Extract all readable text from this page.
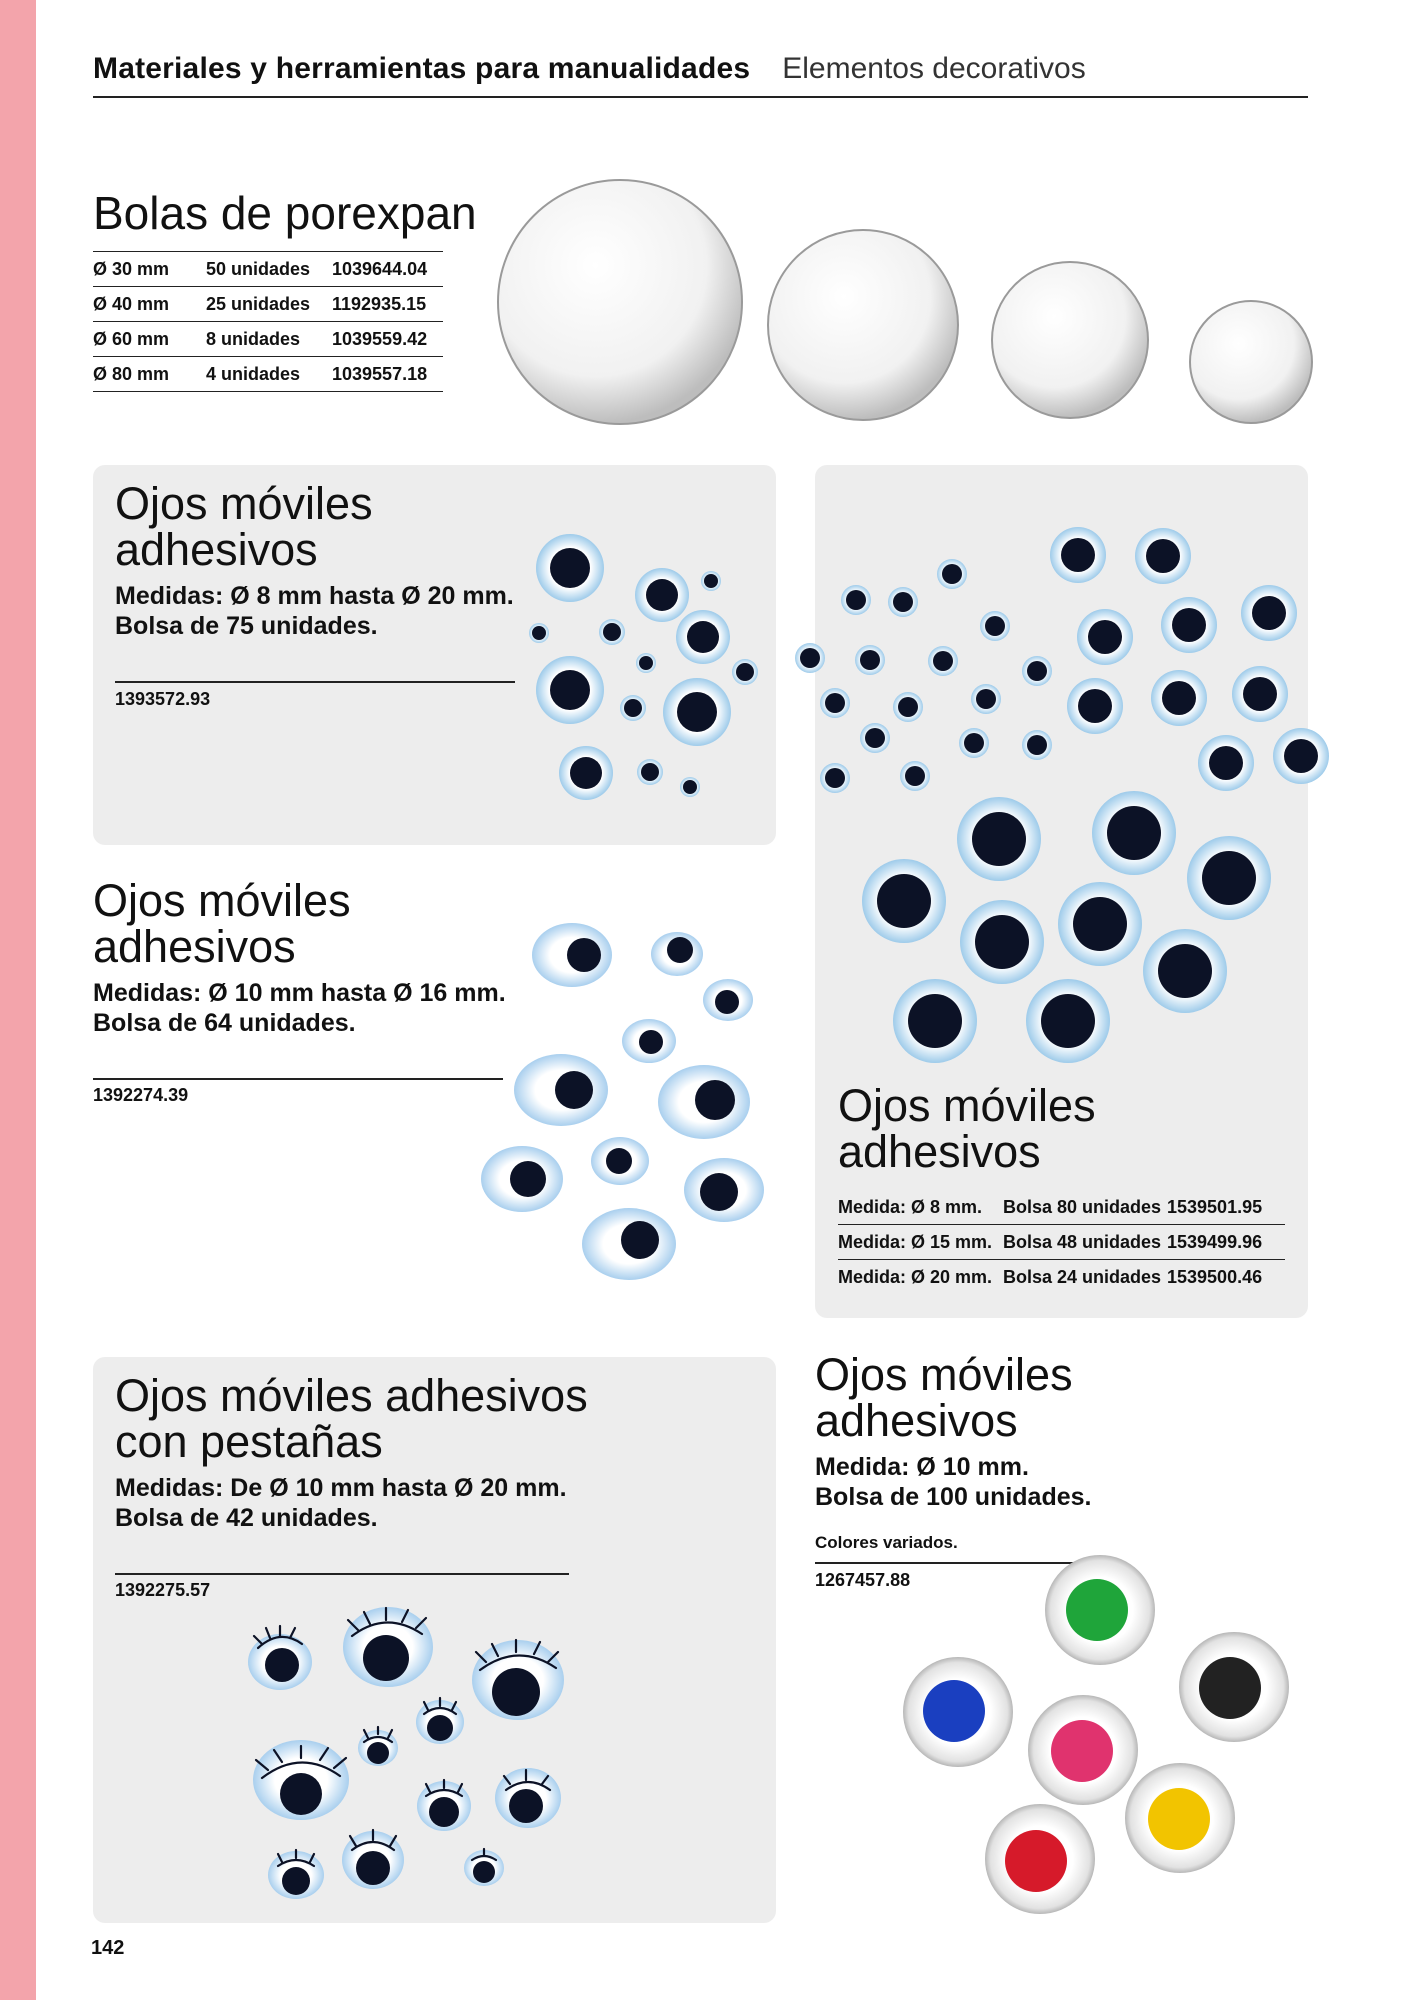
Materiales y herramientas para manualidades Elementos decorativos
Bolas de porexpan
Ø 30 mm	50 unidades	1039644.04
Ø 40 mm	25 unidades	1192935.15
Ø 60 mm	8 unidades	1039559.42
Ø 80 mm	4 unidades	1039557.18
Ojos móviles
adhesivos
Medidas: Ø 8 mm hasta Ø 20 mm.
Bolsa de 75 unidades.
1393572.93
Ojos móviles
adhesivos
Medidas: Ø 10 mm hasta Ø 16 mm.
Bolsa de 64 unidades.
1392274.39	Ojos móviles
adhesivos
Medida: Ø 8 mm.	Bolsa 80 unidades 1539501.95
Medida: Ø 15 mm. Bolsa 48 unidades 1539499.96
Medida: Ø 20 mm. Bolsa 24 unidades 1539500.46
Ojos móviles adhesivos
con pestañas
Medidas: De Ø 10 mm hasta Ø 20 mm.
Bolsa de 42 unidades.
1392275.57
Ojos móviles
adhesivos
Medida: Ø 10 mm.
Bolsa de 100 unidades.
Colores variados.
1267457.88
142
